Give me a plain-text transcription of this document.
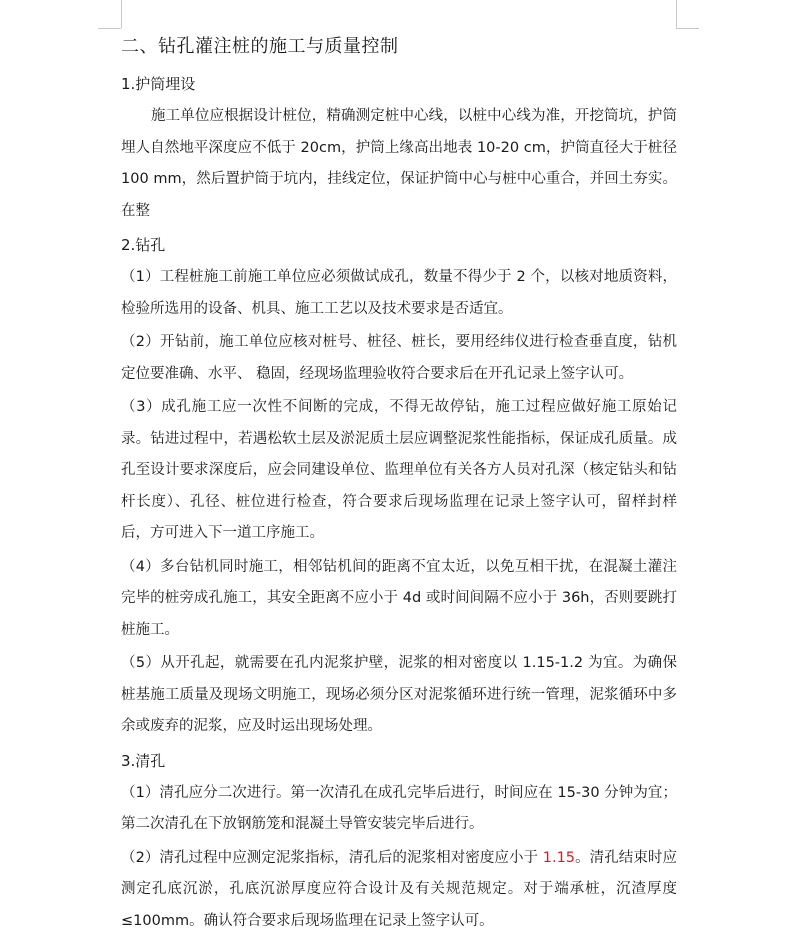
二、钻孔灌注桩的施工与质量控制

1.护筒埋设

施工单位应根据设计桩位，精确测定桩中心线，以桩中心线为准，开挖筒坑，护筒埋人自然地平深度应不低于 20cm，护筒上缘高出地表 10-20 cm，护筒直径大于桩径 100 mm，然后置护筒于坑内，挂线定位，保证护筒中心与桩中心重合，并回土夯实。在整

2.钻孔

（1）工程桩施工前施工单位应必须做试成孔，数量不得少于 2 个，以核对地质资料，检验所选用的设备、机具、施工工艺以及技术要求是否适宜。

（2）开钻前，施工单位应核对桩号、桩径、桩长，要用经纬仪进行检查垂直度，钻机定位要准确、水平、 稳固，经现场监理验收符合要求后在开孔记录上签字认可。

（3）成孔施工应一次性不间断的完成，不得无故停钻，施工过程应做好施工原始记录。钻进过程中，若遇松软土层及淤泥质土层应调整泥浆性能指标，保证成孔质量。成孔至设计要求深度后，应会同建设单位、监理单位有关各方人员对孔深（核定钻头和钻杆长度）、孔径、桩位进行检查，符合要求后现场监理在记录上签字认可，留样封样后，方可进入下一道工序施工。

（4）多台钻机同时施工，相邻钻机间的距离不宜太近，以免互相干扰，在混凝土灌注完毕的桩旁成孔施工，其安全距离不应小于 4d 或时间间隔不应小于 36h，否则要跳打桩施工。

（5）从开孔起，就需要在孔内泥浆护壁，泥浆的相对密度以 1.15-1.2 为宜。为确保桩基施工质量及现场文明施工，现场必须分区对泥浆循环进行统一管理，泥浆循环中多余或废弃的泥浆，应及时运出现场处理。

3.清孔

（1）清孔应分二次进行。第一次清孔在成孔完毕后进行，时间应在 15-30 分钟为宜；第二次清孔在下放钢筋笼和混凝土导管安装完毕后进行。

（2）清孔过程中应测定泥浆指标，清孔后的泥浆相对密度应小于 1.15。清孔结束时应测定孔底沉淤，孔底沉淤厚度应符合设计及有关规范规定。对于端承桩，沉渣厚度≤100mm。确认符合要求后现场监理在记录上签字认可。
